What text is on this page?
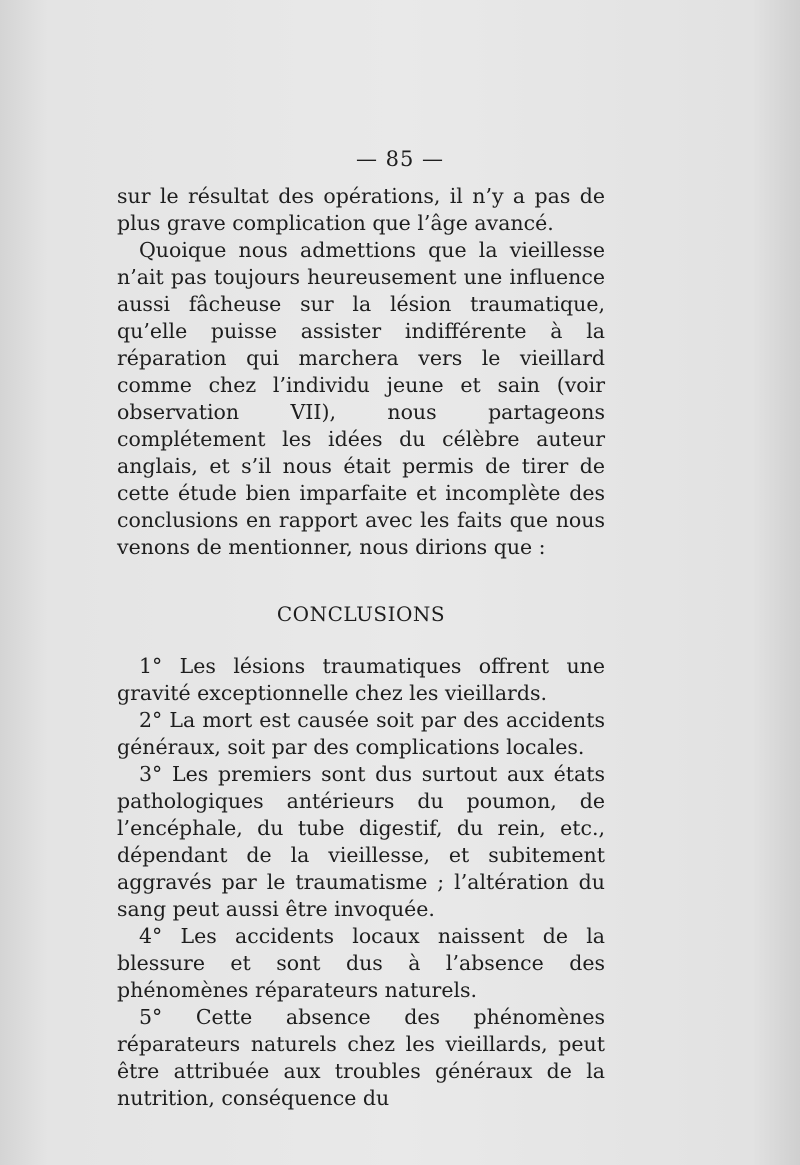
— 85 —

sur le résultat des opérations, il n’y a pas de plus grave complication que l’âge avancé.

Quoique nous admettions que la vieillesse n’ait pas toujours heureusement une influence aussi fâcheuse sur la lésion traumatique, qu’elle puisse assister indifférente à la réparation qui marchera vers le vieillard comme chez l’individu jeune et sain (voir observation VII), nous partageons complétement les idées du célèbre auteur anglais, et s’il nous était permis de tirer de cette étude bien imparfaite et incomplète des conclusions en rapport avec les faits que nous venons de mentionner, nous dirions que :

CONCLUSIONS

1° Les lésions traumatiques offrent une gravité exceptionnelle chez les vieillards.

2° La mort est causée soit par des accidents généraux, soit par des complications locales.

3° Les premiers sont dus surtout aux états pathologiques antérieurs du poumon, de l’encéphale, du tube digestif, du rein, etc., dépendant de la vieillesse, et subitement aggravés par le traumatisme ; l’altération du sang peut aussi être invoquée.

4° Les accidents locaux naissent de la blessure et sont dus à l’absence des phénomènes réparateurs naturels.

5° Cette absence des phénomènes réparateurs naturels chez les vieillards, peut être attribuée aux troubles généraux de la nutrition, conséquence du
